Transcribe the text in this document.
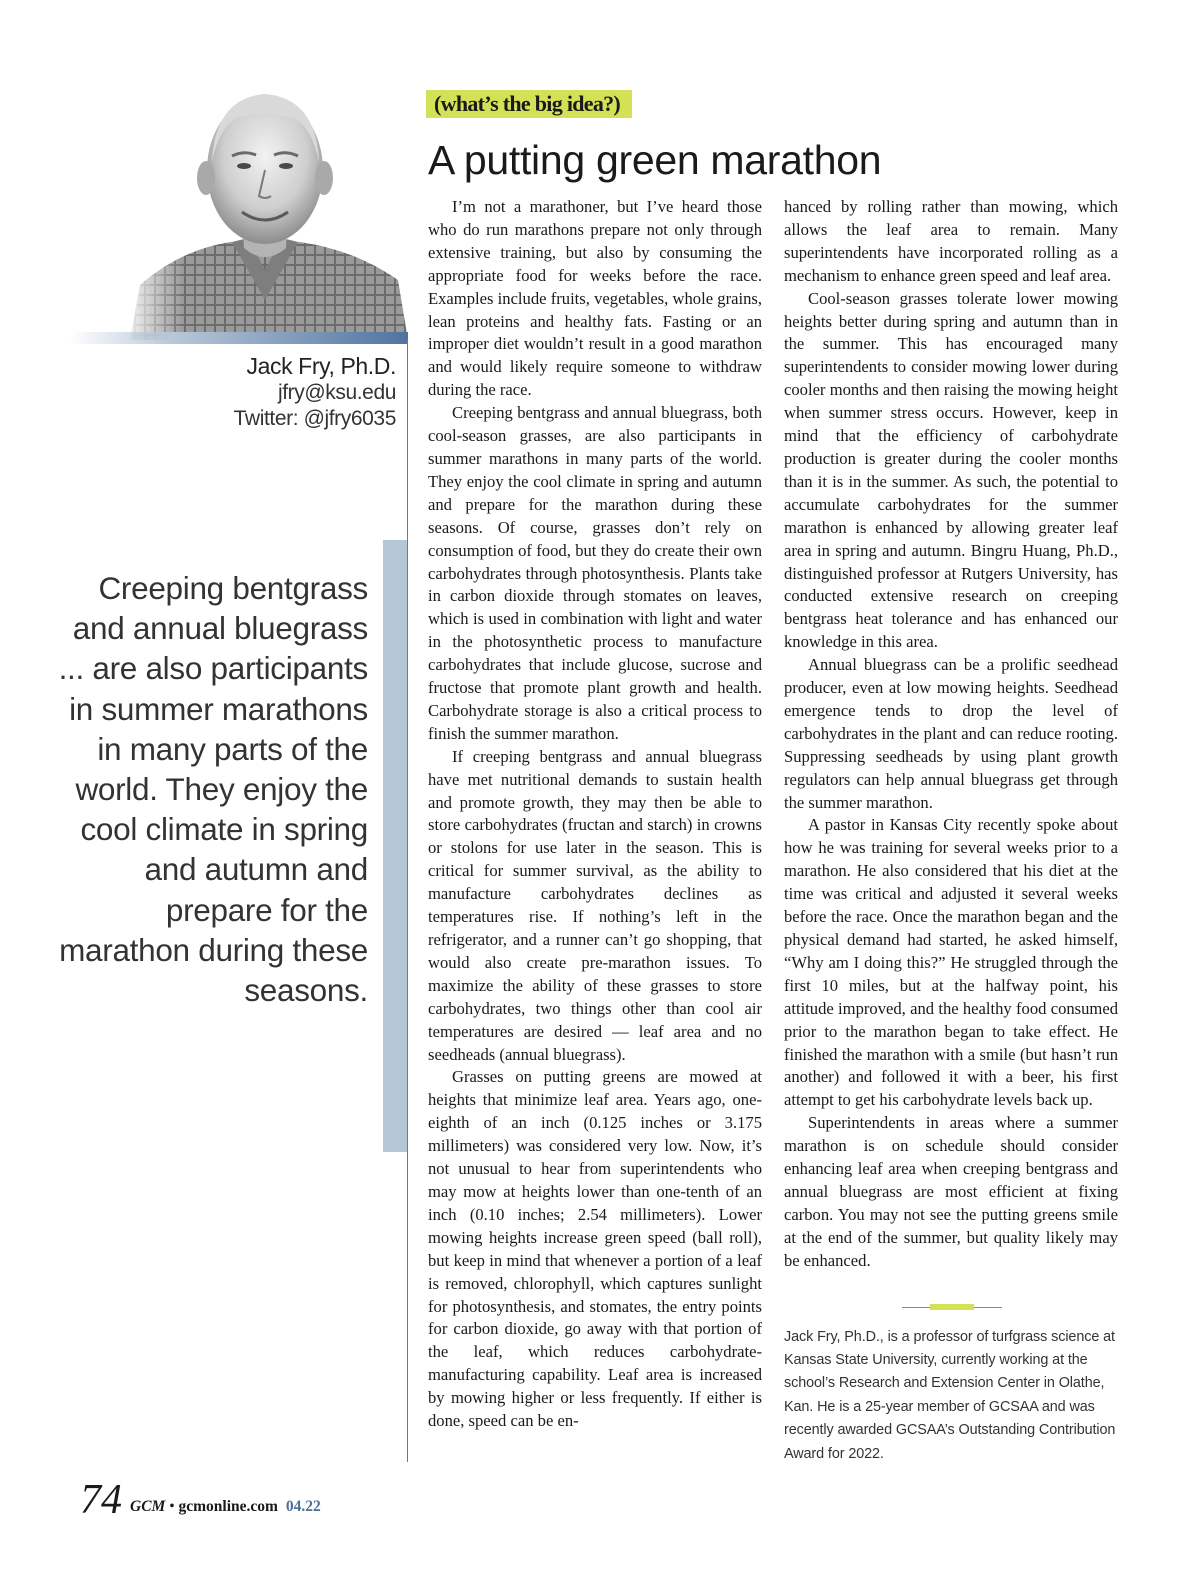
Jack Fry, Ph.D.
jfry@ksu.edu
Twitter: @jfry6035
Creeping bentgrass and annual bluegrass ... are also participants in summer marathons in many parts of the world. They enjoy the cool climate in spring and autumn and prepare for the marathon during these seasons.
(what’s the big idea?)
A putting green marathon

I’m not a marathoner, but I’ve heard those who do run marathons prepare not only through extensive training, but also by consuming the appropriate food for weeks before the race. Examples include fruits, vegetables, whole grains, lean proteins and healthy fats. Fasting or an improper diet wouldn’t result in a good marathon and would likely require someone to withdraw during the race.

Creeping bentgrass and annual bluegrass, both cool-season grasses, are also participants in summer marathons in many parts of the world. They enjoy the cool climate in spring and autumn and prepare for the marathon during these seasons. Of course, grasses don’t rely on consumption of food, but they do create their own carbohydrates through photosynthesis. Plants take in carbon dioxide through stomates on leaves, which is used in combination with light and water in the photosynthetic process to manufacture carbohydrates that include glucose, sucrose and fructose that promote plant growth and health. Carbohydrate storage is also a critical process to finish the summer marathon.

If creeping bentgrass and annual bluegrass have met nutritional demands to sustain health and promote growth, they may then be able to store carbohydrates (fructan and starch) in crowns or stolons for use later in the season. This is critical for summer survival, as the ability to manufacture carbohydrates declines as temperatures rise. If nothing’s left in the refrigerator, and a runner can’t go shopping, that would also create pre-marathon issues. To maximize the ability of these grasses to store carbohydrates, two things other than cool air temperatures are desired — leaf area and no seedheads (annual bluegrass).

Grasses on putting greens are mowed at heights that minimize leaf area. Years ago, one-eighth of an inch (0.125 inches or 3.175 millimeters) was considered very low. Now, it’s not unusual to hear from superintendents who may mow at heights lower than one-tenth of an inch (0.10 inches; 2.54 millimeters). Lower mowing heights increase green speed (ball roll), but keep in mind that whenever a portion of a leaf is removed, chlorophyll, which captures sunlight for photosynthesis, and stomates, the entry points for carbon dioxide, go away with that portion of the leaf, which reduces carbohydrate-manufacturing capability. Leaf area is increased by mowing higher or less frequently. If either is done, speed can be en-

hanced by rolling rather than mowing, which allows the leaf area to remain. Many superintendents have incorporated rolling as a mechanism to enhance green speed and leaf area.

Cool-season grasses tolerate lower mowing heights better during spring and autumn than in the summer. This has encouraged many superintendents to consider mowing lower during cooler months and then raising the mowing height when summer stress occurs. However, keep in mind that the efficiency of carbohydrate production is greater during the cooler months than it is in the summer. As such, the potential to accumulate carbohydrates for the summer marathon is enhanced by allowing greater leaf area in spring and autumn. Bingru Huang, Ph.D., distinguished professor at Rutgers University, has conducted extensive research on creeping bentgrass heat tolerance and has enhanced our knowledge in this area.

Annual bluegrass can be a prolific seedhead producer, even at low mowing heights. Seedhead emergence tends to drop the level of carbohydrates in the plant and can reduce rooting. Suppressing seedheads by using plant growth regulators can help annual bluegrass get through the summer marathon.

A pastor in Kansas City recently spoke about how he was training for several weeks prior to a marathon. He also considered that his diet at the time was critical and adjusted it several weeks before the race. Once the marathon began and the physical demand had started, he asked himself, “Why am I doing this?” He struggled through the first 10 miles, but at the halfway point, his attitude improved, and the healthy food consumed prior to the marathon began to take effect. He finished the marathon with a smile (but hasn’t run another) and followed it with a beer, his first attempt to get his carbohydrate levels back up.

Superintendents in areas where a summer marathon is on schedule should consider enhancing leaf area when creeping bentgrass and annual bluegrass are most efficient at fixing carbon. You may not see the putting greens smile at the end of the summer, but quality likely may be enhanced.

Jack Fry, Ph.D., is a professor of turfgrass science at Kansas State University, currently working at the school’s Research and Extension Center in Olathe, Kan. He is a 25-year member of GCSAA and was recently awarded GCSAA’s Outstanding Contribution Award for 2022.
74 GCM • gcmonline.com 04.22
